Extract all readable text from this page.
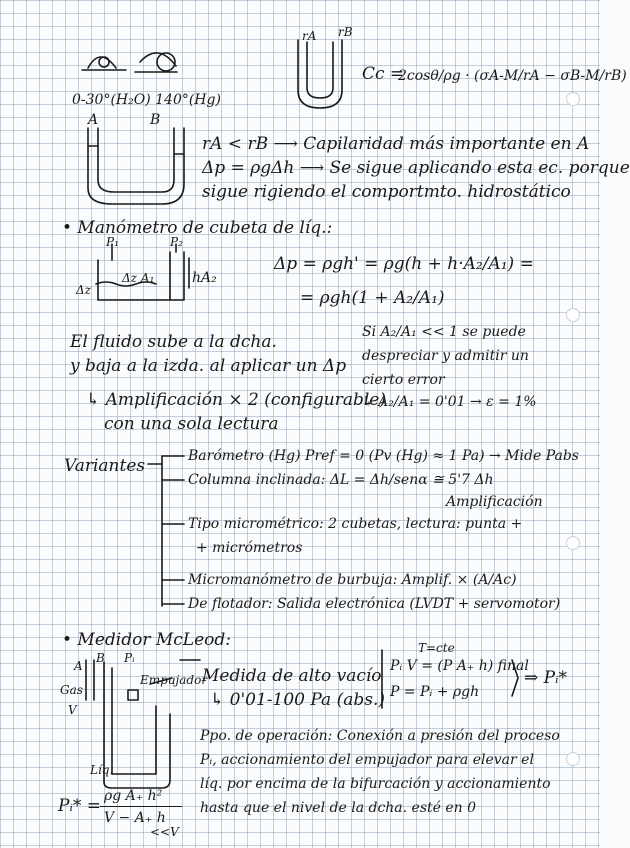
0-30°(H₂O) 140°(Hg)
A	B
rA rB
Cc =
2cosθ/ρg · (σA-M/rA − σB-M/rB)
rA < rB ⟶ Capilaridad más importante en A
Δp = ρgΔh ⟶ Se sigue aplicando esta ec. porque
sigue rigiendo el comportmto. hidrostático
• Manómetro de cubeta de líq.:
P₁	P₂
Δz
Δz A₁	hA₂
Δp = ρgh' = ρg(h + h·A₂/A₁) =
= ρgh(1 + A₂/A₁)
Si A₂/A₁ << 1 se puede
despreciar y admitir un
cierto error
↳ A₂/A₁ = 0'01 → ε = 1%
El fluido sube a la dcha.
y baja a la izda. al aplicar un Δp
↳ Amplificación × 2 (configurable)
con una sola lectura
Variantes	Barómetro (Hg) Pref = 0 (Pv (Hg) ≈ 1 Pa) → Mide Pabs
Columna inclinada: ΔL = Δh/senα ≅ 5'7 Δh
Amplificación
Tipo micrométrico: 2 cubetas, lectura: punta +
+ micrómetros
Micromanómetro de burbuja: Amplif. × (A/Ac)
De flotador: Salida electrónica (LVDT + servomotor)
• Medidor McLeod:
A
B Pᵢ
Gas
V
Empujador
Líq.
Medida de alto vacío
↳ 0'01-100 Pa (abs.)
T=cte
Pᵢ V = (P A₊ h) final
P = Pᵢ + ρgh
⇒ Pᵢ*
Ppo. de operación: Conexión a presión del proceso
Pᵢ, accionamiento del empujador para elevar el
líq. por encima de la bifurcación y accionamiento
hasta que el nivel de la dcha. esté en 0
Pᵢ* = ρg A₊ h²
V − A₊ h
<<V
